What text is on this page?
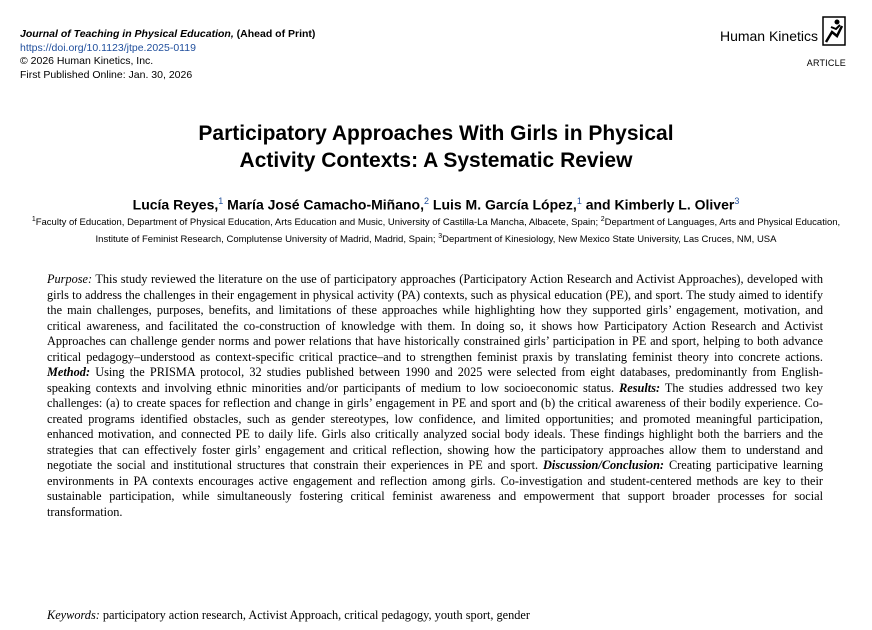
Journal of Teaching in Physical Education, (Ahead of Print)
https://doi.org/10.1123/jtpe.2025-0119
© 2026 Human Kinetics, Inc.
First Published Online: Jan. 30, 2026
Human Kinetics
ARTICLE
Participatory Approaches With Girls in Physical
Activity Contexts: A Systematic Review
Lucía Reyes,$^1$ María José Camacho-Miñano,$^2$ Luis M. García López,$^1$ and Kimberly L. Oliver$^3$
$^1$Faculty of Education, Department of Physical Education, Arts Education and Music, University of Castilla-La Mancha, Albacete, Spain; $^2$Department of Languages, Arts and Physical Education, Institute of Feminist Research, Complutense University of Madrid, Madrid, Spain; $^3$Department of Kinesiology, New Mexico State University, Las Cruces, NM, USA
Purpose: This study reviewed the literature on the use of participatory approaches (Participatory Action Research and Activist Approaches), developed with girls to address the challenges in their engagement in physical activity (PA) contexts, such as physical education (PE), and sport. The study aimed to identify the main challenges, purposes, benefits, and limitations of these approaches while highlighting how they supported girls’ engagement, motivation, and critical awareness, and facilitated the co-construction of knowledge with them. In doing so, it shows how Participatory Action Research and Activist Approaches can challenge gender norms and power relations that have historically constrained girls’ participation in PE and sport, helping to both advance critical pedagogy–understood as context-specific critical practice–and to strengthen feminist praxis by translating feminist theory into concrete actions. Method: Using the PRISMA protocol, 32 studies published between 1990 and 2025 were selected from eight databases, predominantly from English-speaking contexts and involving ethnic minorities and/or participants of medium to low socioeconomic status. Results: The studies addressed two key challenges: (a) to create spaces for reflection and change in girls’ engagement in PE and sport and (b) the critical awareness of their bodily experience. Co-created programs identified obstacles, such as gender stereotypes, low confidence, and limited opportunities; and promoted meaningful participation, enhanced motivation, and connected PE to daily life. Girls also critically analyzed social body ideals. These findings highlight both the barriers and the strategies that can effectively foster girls’ engagement and critical reflection, showing how the participatory approaches allow them to understand and negotiate the social and institutional structures that constrain their experiences in PE and sport. Discussion/Conclusion: Creating participative learning environments in PA contexts encourages active engagement and reflection among girls. Co-investigation and student-centered methods are key to their sustainable participation, while simultaneously fostering critical feminist awareness and empowerment that support broader processes for social transformation.
Keywords: participatory action research, Activist Approach, critical pedagogy, youth sport, gender
